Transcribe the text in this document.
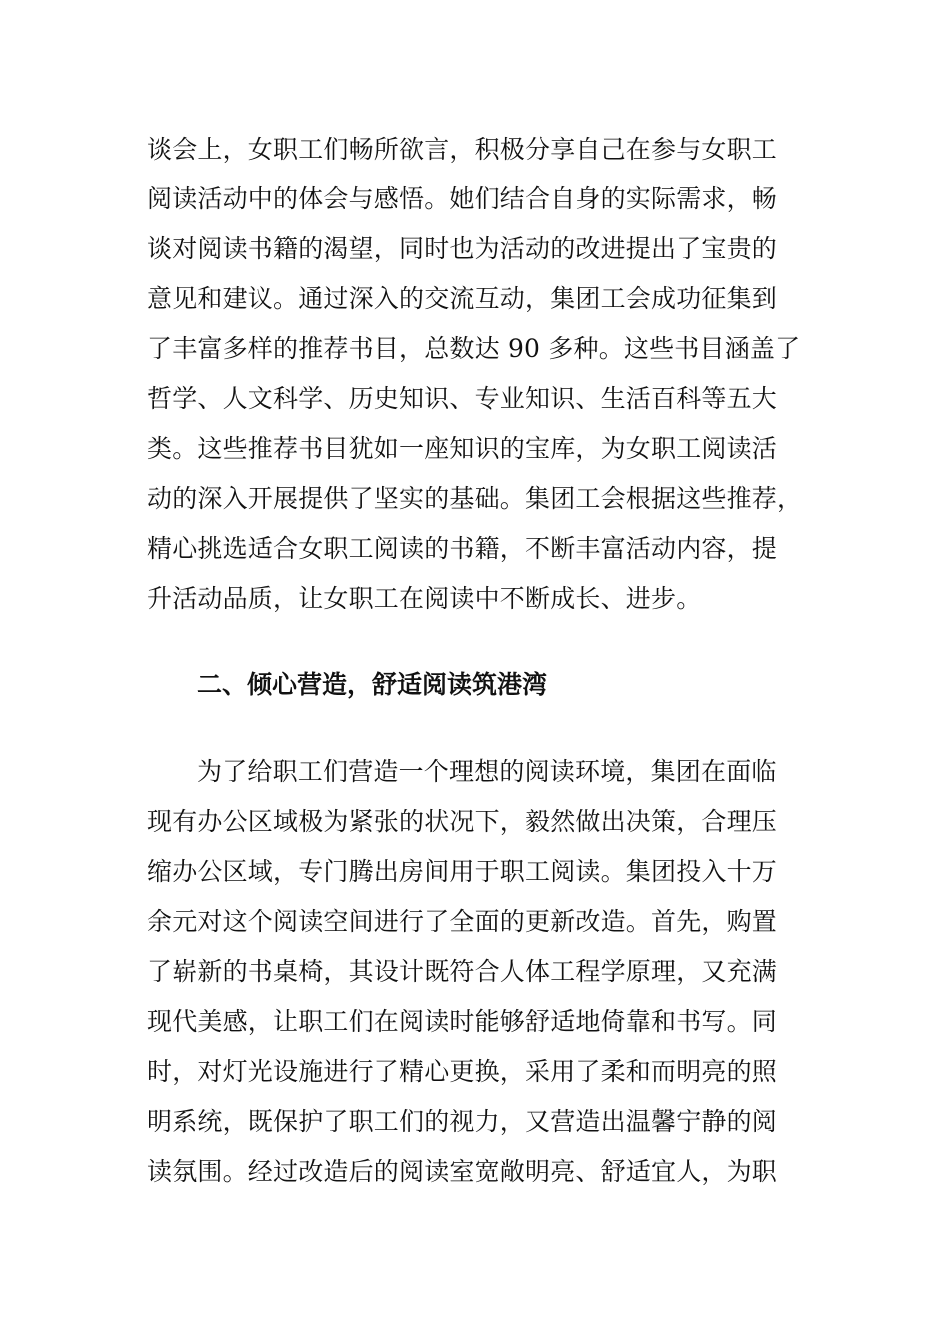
谈会上，女职工们畅所欲言，积极分享自己在参与女职工
阅读活动中的体会与感悟。她们结合自身的实际需求，畅
谈对阅读书籍的渴望，同时也为活动的改进提出了宝贵的
意见和建议。通过深入的交流互动，集团工会成功征集到
了丰富多样的推荐书目，总数达 90 多种。这些书目涵盖了
哲学、人文科学、历史知识、专业知识、生活百科等五大
类。这些推荐书目犹如一座知识的宝库，为女职工阅读活
动的深入开展提供了坚实的基础。集团工会根据这些推荐，
精心挑选适合女职工阅读的书籍，不断丰富活动内容，提
升活动品质，让女职工在阅读中不断成长、进步。
二、倾心营造，舒适阅读筑港湾
为了给职工们营造一个理想的阅读环境，集团在面临
现有办公区域极为紧张的状况下，毅然做出决策，合理压
缩办公区域，专门腾出房间用于职工阅读。集团投入十万
余元对这个阅读空间进行了全面的更新改造。首先，购置
了崭新的书桌椅，其设计既符合人体工程学原理，又充满
现代美感，让职工们在阅读时能够舒适地倚靠和书写。同
时，对灯光设施进行了精心更换，采用了柔和而明亮的照
明系统，既保护了职工们的视力，又营造出温馨宁静的阅
读氛围。经过改造后的阅读室宽敞明亮、舒适宜人，为职
